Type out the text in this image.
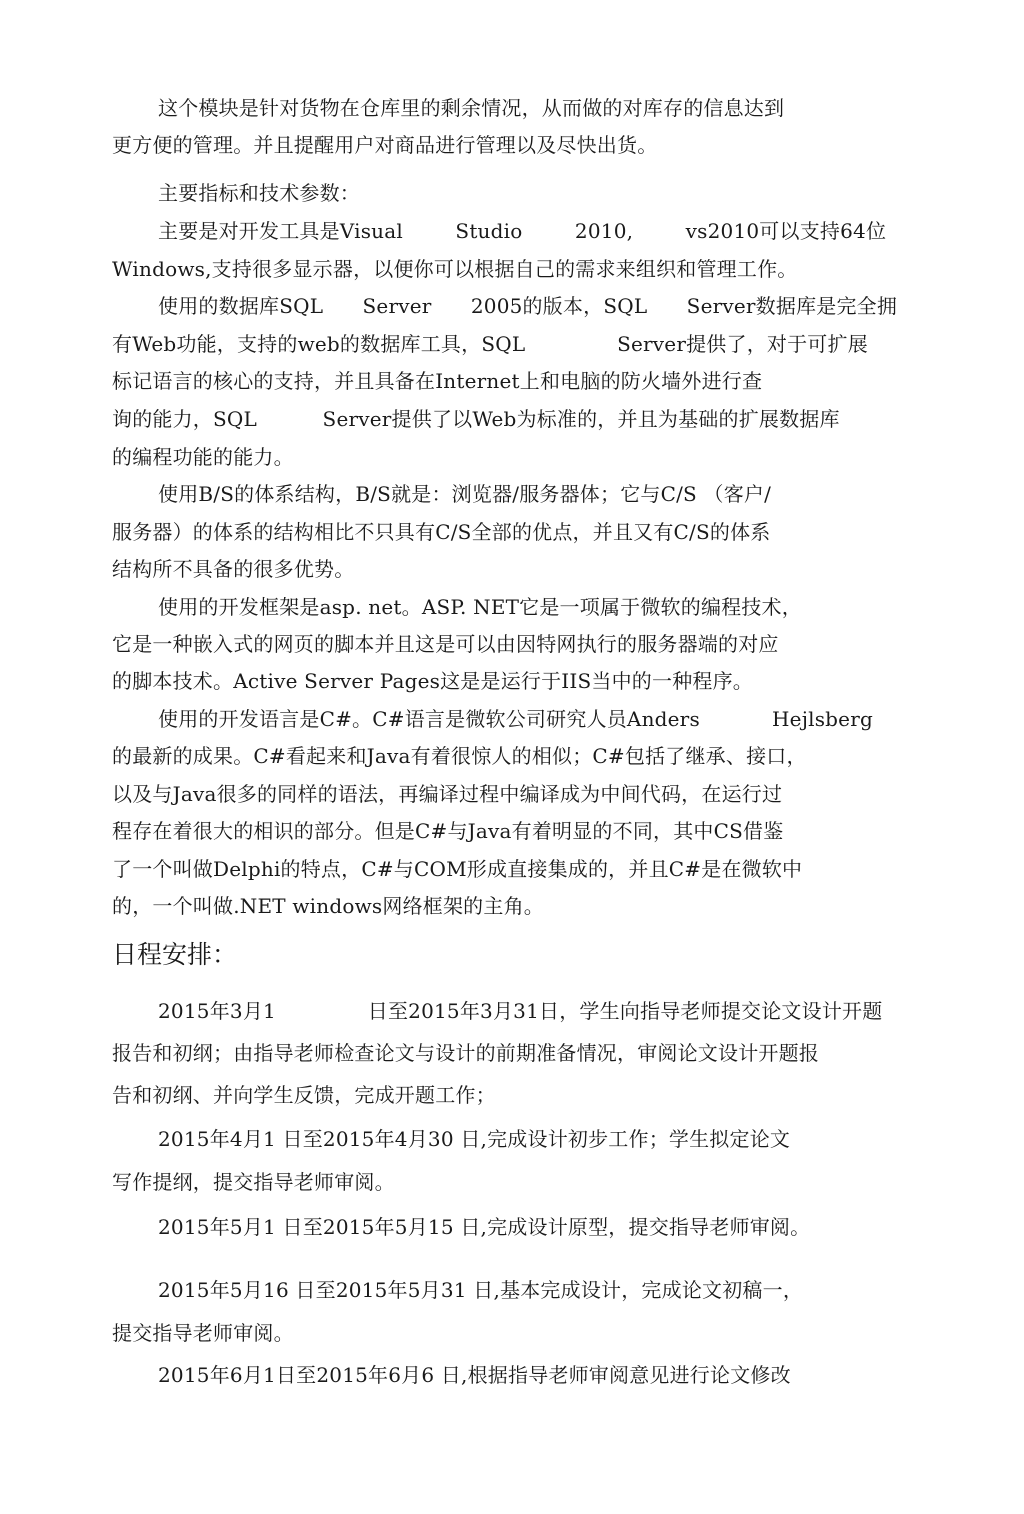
这个模块是针对货物在仓库里的剩余情况，从而做的对库存的信息达到
更方便的管理。并且提醒用户对商品进行管理以及尽快出货。
主要指标和技术参数：
主要是对开发工具是Visual        Studio        2010,        vs2010可以支持64位
Windows,支持很多显示器，以便你可以根据自己的需求来组织和管理工作。
使用的数据库SQL      Server      2005的版本，SQL      Server数据库是完全拥
有Web功能，支持的web的数据库工具，SQL              Server提供了，对于可扩展
标记语言的核心的支持，并且具备在Internet上和电脑的防火墙外进行查
询的能力，SQL          Server提供了以Web为标准的，并且为基础的扩展数据库
的编程功能的能力。
使用B/S的体系结构，B/S就是：浏览器/服务器体；它与C/S （客户/
服务器）的体系的结构相比不只具有C/S全部的优点，并且又有C/S的体系
结构所不具备的很多优势。
使用的开发框架是asp. net。ASP. NET它是一项属于微软的编程技术，
它是一种嵌入式的网页的脚本并且这是可以由因特网执行的服务器端的对应
的脚本技术。Active Server Pages这是是运行于IIS当中的一种程序。
使用的开发语言是C#。C#语言是微软公司研究人员Anders           Hejlsberg
的最新的成果。C#看起来和Java有着很惊人的相似；C#包括了继承、接口，
以及与Java很多的同样的语法，再编译过程中编译成为中间代码，在运行过
程存在着很大的相识的部分。但是C#与Java有着明显的不同，其中CS借鉴
了一个叫做Delphi的特点，C#与COM形成直接集成的，并且C#是在微软中
的，一个叫做.NET windows网络框架的主角。
日程安排：
2015年3月1              日至2015年3月31日，学生向指导老师提交论文设计开题
报告和初纲；由指导老师检查论文与设计的前期准备情况，审阅论文设计开题报
告和初纲、并向学生反馈，完成开题工作；
2015年4月1 日至2015年4月30 日,完成设计初步工作；学生拟定论文
写作提纲，提交指导老师审阅。
2015年5月1 日至2015年5月15 日,完成设计原型，提交指导老师审阅。
2015年5月16 日至2015年5月31 日,基本完成设计，完成论文初稿一，
提交指导老师审阅。
2015年6月1日至2015年6月6 日,根据指导老师审阅意见进行论文修改
